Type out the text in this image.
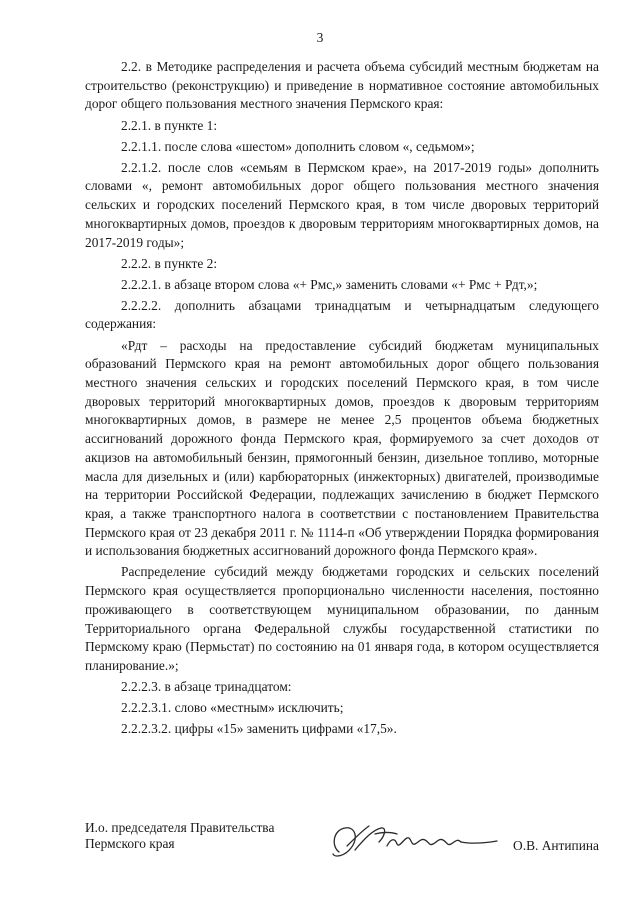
3

2.2. в Методике распределения и расчета объема субсидий местным бюджетам на строительство (реконструкцию) и приведение в нормативное состояние автомобильных дорог общего пользования местного значения Пермского края:

2.2.1. в пункте 1:

2.2.1.1. после слова «шестом» дополнить словом «, седьмом»;

2.2.1.2. после слов «семьям в Пермском крае», на 2017-2019 годы» дополнить словами «, ремонт автомобильных дорог общего пользования местного значения сельских и городских поселений Пермского края, в том числе дворовых территорий многоквартирных домов, проездов к дворовым территориям многоквартирных домов, на 2017-2019 годы»;

2.2.2. в пункте 2:

2.2.2.1. в абзаце втором слова «+ Рмс,» заменить словами «+ Рмс + Рдт,»;

2.2.2.2. дополнить абзацами тринадцатым и четырнадцатым следующего содержания:

«Рдт – расходы на предоставление субсидий бюджетам муниципальных образований Пермского края на ремонт автомобильных дорог общего пользования местного значения сельских и городских поселений Пермского края, в том числе дворовых территорий многоквартирных домов, проездов к дворовым территориям многоквартирных домов, в размере не менее 2,5 процентов объема бюджетных ассигнований дорожного фонда Пермского края, формируемого за счет доходов от акцизов на автомобильный бензин, прямогонный бензин, дизельное топливо, моторные масла для дизельных и (или) карбюраторных (инжекторных) двигателей, производимые на территории Российской Федерации, подлежащих зачислению в бюджет Пермского края, а также транспортного налога в соответствии с постановлением Правительства Пермского края от 23 декабря 2011 г. № 1114-п «Об утверждении Порядка формирования и использования бюджетных ассигнований дорожного фонда Пермского края».

Распределение субсидий между бюджетами городских и сельских поселений Пермского края осуществляется пропорционально численности населения, постоянно проживающего в соответствующем муниципальном образовании, по данным Территориального органа Федеральной службы государственной статистики по Пермскому краю (Пермьстат) по состоянию на 01 января года, в котором осуществляется планирование.»;

2.2.2.3. в абзаце тринадцатом:

2.2.2.3.1. слово «местным» исключить;

2.2.2.3.2. цифры «15» заменить цифрами «17,5».

И.о. председателя Правительства
Пермского края	О.В. Антипина
